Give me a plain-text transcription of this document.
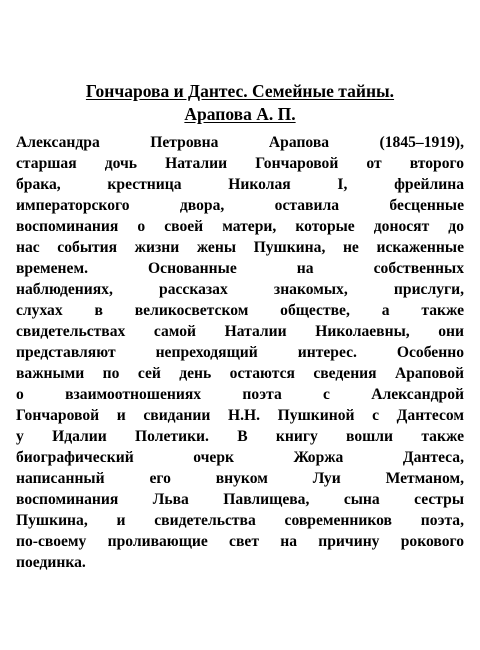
Гончарова и Дантес. Семейные тайны.
Арапова А. П.

Александра Петровна Арапова (1845–1919),
старшая дочь Наталии Гончаровой от второго
брака, крестница Николая I, фрейлина
императорского двора, оставила бесценные
воспоминания о своей матери, которые доносят до
нас события жизни жены Пушкина, не искаженные
временем. Основанные на собственных
наблюдениях, рассказах знакомых, прислуги,
слухах в великосветском обществе, а также
свидетельствах самой Наталии Николаевны, они
представляют непреходящий интерес. Особенно
важными по сей день остаются сведения Араповой
о взаимоотношениях поэта с Александрой
Гончаровой и свидании Н.Н. Пушкиной с Дантесом
у Идалии Полетики. В книгу вошли также
биографический очерк Жоржа Дантеса,
написанный его внуком Луи Метманом,
воспоминания Льва Павлищева, сына сестры
Пушкина, и свидетельства современников поэта,
по-своему проливающие свет на причину рокового
поединка.
